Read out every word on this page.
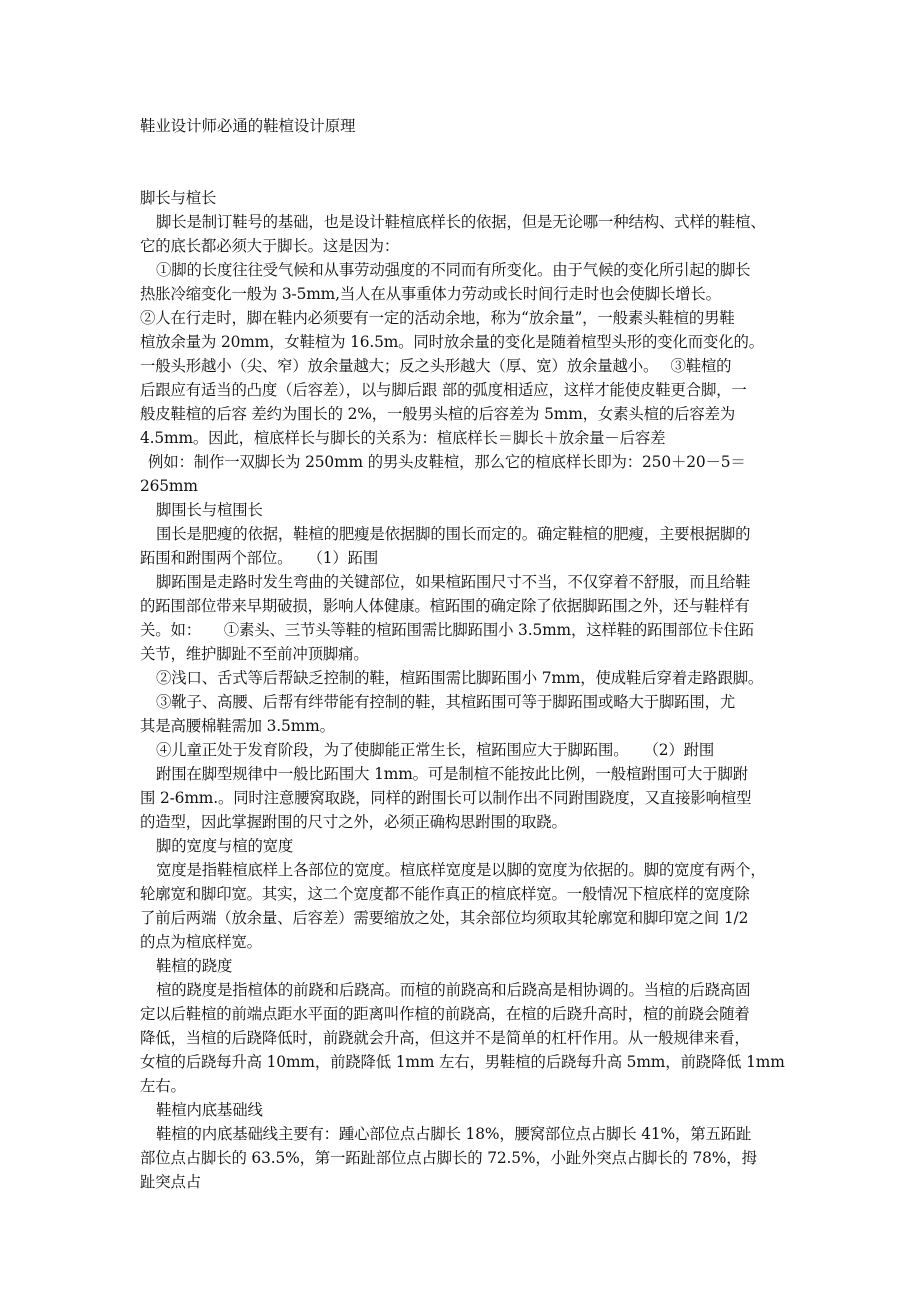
鞋业设计师必通的鞋楦设计原理
脚长与楦长
脚长是制订鞋号的基础，也是设计鞋楦底样长的依据，但是无论哪一种结构、式样的鞋楦、
它的底长都必须大于脚长。这是因为：
①脚的长度往往受气候和从事劳动强度的不同而有所变化。由于气候的变化所引起的脚长
热胀冷缩变化一般为 3-5mm,当人在从事重体力劳动或长时间行走时也会使脚长增长。
②人在行走时，脚在鞋内必须要有一定的活动余地，称为“放余量”，一般素头鞋楦的男鞋
楦放余量为 20mm，女鞋楦为 16.5m。同时放余量的变化是随着楦型头形的变化而变化的。
一般头形越小（尖、窄）放余量越大；反之头形越大（厚、宽）放余量越小。　 ③鞋楦的
后跟应有适当的凸度（后容差），以与脚后跟 部的弧度相适应，这样才能使皮鞋更合脚，一
般皮鞋楦的后容 差约为围长的 2%，一般男头楦的后容差为 5mm，女素头楦的后容差为
4.5mm。因此，楦底样长与脚长的关系为：楦底样长＝脚长＋放余量－后容差
例如：制作一双脚长为 250mm 的男头皮鞋楦，那么它的楦底样长即为：250＋20－5＝
265mm
脚围长与楦围长
围长是肥瘦的依据，鞋楦的肥瘦是依据脚的围长而定的。确定鞋楦的肥瘦，主要根据脚的
跖围和跗围两个部位。　　（1）跖围
脚跖围是走路时发生弯曲的关键部位，如果楦跖围尺寸不当，不仅穿着不舒服，而且给鞋
的跖围部位带来早期破损，影响人体健康。楦跖围的确定除了依据脚跖围之外，还与鞋样有
关。如：　　①素头、三节头等鞋的楦跖围需比脚跖围小 3.5mm，这样鞋的跖围部位卡住跖
关节，维护脚趾不至前冲顶脚痛。
②浅口、舌式等后帮缺乏控制的鞋，楦跖围需比脚跖围小 7mm，使成鞋后穿着走路跟脚。
③靴子、高腰、后帮有绊带能有控制的鞋，其楦跖围可等于脚跖围或略大于脚跖围，尤
其是高腰棉鞋需加 3.5mm。
④儿童正处于发育阶段，为了使脚能正常生长，楦跖围应大于脚跖围。　　（2）跗围
跗围在脚型规律中一般比跖围大 1mm。可是制楦不能按此比例，一般楦跗围可大于脚跗
围 2-6mm.。同时注意腰窝取跷，同样的跗围长可以制作出不同跗围跷度，又直接影响楦型
的造型，因此掌握跗围的尺寸之外，必须正确构思跗围的取跷。
脚的宽度与楦的宽度
宽度是指鞋楦底样上各部位的宽度。楦底样宽度是以脚的宽度为依据的。脚的宽度有两个，
轮廓宽和脚印宽。其实，这二个宽度都不能作真正的楦底样宽。一般情况下楦底样的宽度除
了前后两端（放余量、后容差）需要缩放之处，其余部位均须取其轮廓宽和脚印宽之间 1/2
的点为楦底样宽。
鞋楦的跷度
楦的跷度是指楦体的前跷和后跷高。而楦的前跷高和后跷高是相协调的。当楦的后跷高固
定以后鞋楦的前端点距水平面的距离叫作楦的前跷高，在楦的后跷升高时，楦的前跷会随着
降低，当楦的后跷降低时，前跷就会升高，但这并不是简单的杠杆作用。从一般规律来看，
女楦的后跷每升高 10mm，前跷降低 1mm 左右，男鞋楦的后跷每升高 5mm，前跷降低 1mm
左右。
鞋楦内底基础线
鞋楦的内底基础线主要有：踵心部位点占脚长 18%，腰窝部位点占脚长 41%，第五跖趾
部位点占脚长的 63.5%，第一跖趾部位点占脚长的 72.5%，小趾外突点占脚长的 78%，拇
趾突点占
